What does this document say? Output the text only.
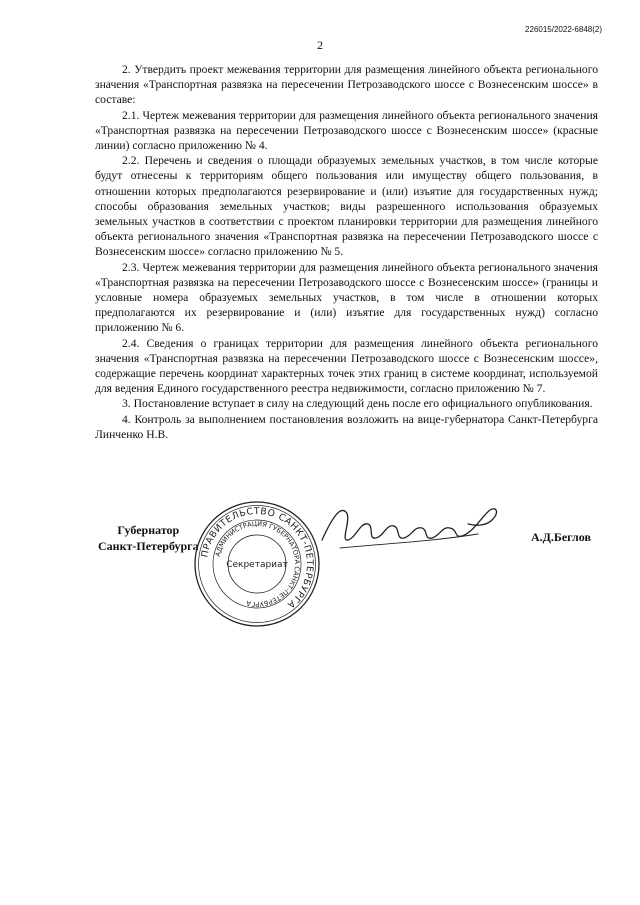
226015/2022-6848(2)
2

2. Утвердить проект межевания территории для размещения линейного объекта регионального значения «Транспортная развязка на пересечении Петрозаводского шоссе с Вознесенским шоссе» в составе:

2.1. Чертеж межевания территории для размещения линейного объекта регионального значения «Транспортная развязка на пересечении Петрозаводского шоссе с Вознесенским шоссе» (красные линии) согласно приложению № 4.

2.2. Перечень и сведения о площади образуемых земельных участков, в том числе которые будут отнесены к территориям общего пользования или имуществу общего пользования, в отношении которых предполагаются резервирование и (или) изъятие для государственных нужд; способы образования земельных участков; виды разрешенного использования образуемых земельных участков в соответствии с проектом планировки территории для размещения линейного объекта регионального значения «Транспортная развязка на пересечении Петрозаводского шоссе с Вознесенским шоссе» согласно приложению № 5.

2.3. Чертеж межевания территории для размещения линейного объекта регионального значения «Транспортная развязка на пересечении Петрозаводского шоссе с Вознесенским шоссе» (границы и условные номера образуемых земельных участков, в том числе в отношении которых предполагаются их резервирование и (или) изъятие для государственных нужд) согласно приложению № 6.

2.4. Сведения о границах территории для размещения линейного объекта регионального значения «Транспортная развязка на пересечении Петрозаводского шоссе с Вознесенским шоссе», содержащие перечень координат характерных точек этих границ в системе координат, используемой для ведения Единого государственного реестра недвижимости, согласно приложению № 7.

3. Постановление вступает в силу на следующий день после его официального опубликования.

4. Контроль за выполнением постановления возложить на вице-губернатора Санкт-Петербурга Линченко Н.В.

Губернатор
Санкт-Петербурга
А.Д.Беглов
ПРАВИТЕЛЬСТВО САНКТ-ПЕТЕРБУРГА
АДМИНИСТРАЦИЯ ГУБЕРНАТОРА САНКТ-ПЕТЕРБУРГА
Секретариат
